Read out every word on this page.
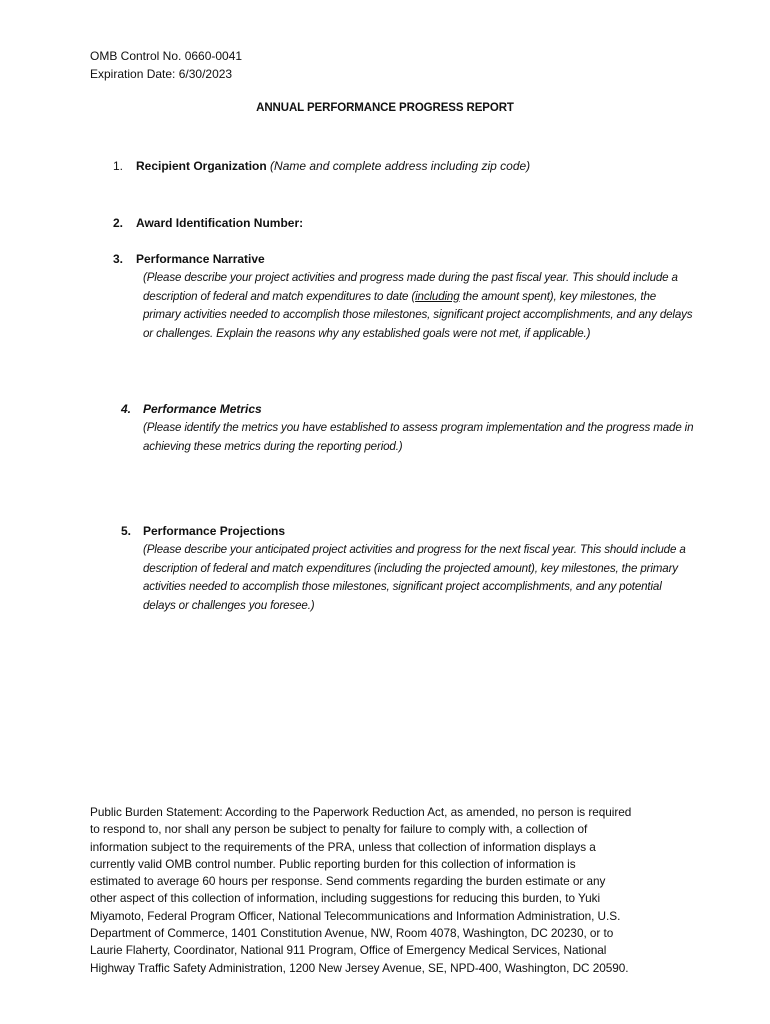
OMB Control No. 0660-0041

Expiration Date: 6/30/2023

ANNUAL PERFORMANCE PROGRESS REPORT
1. Recipient Organization (Name and complete address including zip code)
2. Award Identification Number:
3. Performance Narrative
(Please describe your project activities and progress made during the past fiscal year. This should include a
description of federal and match expenditures to date (including the amount spent), key milestones, the
primary activities needed to accomplish those milestones, significant project accomplishments, and any delays
or challenges. Explain the reasons why any established goals were not met, if applicable.)
4. Performance Metrics
(Please identify the metrics you have established to assess program implementation and the progress made in
achieving these metrics during the reporting period.)
5. Performance Projections
(Please describe your anticipated project activities and progress for the next fiscal year. This should include a
description of federal and match expenditures (including the projected amount), key milestones, the primary
activities needed to accomplish those milestones, significant project accomplishments, and any potential
delays or challenges you foresee.)
Public Burden Statement: According to the Paperwork Reduction Act, as amended, no person is required
to respond to, nor shall any person be subject to penalty for failure to comply with, a collection of
information subject to the requirements of the PRA, unless that collection of information displays a
currently valid OMB control number. Public reporting burden for this collection of information is
estimated to average 60 hours per response. Send comments regarding the burden estimate or any
other aspect of this collection of information, including suggestions for reducing this burden, to Yuki
Miyamoto, Federal Program Officer, National Telecommunications and Information Administration, U.S.
Department of Commerce, 1401 Constitution Avenue, NW, Room 4078, Washington, DC 20230, or to
Laurie Flaherty, Coordinator, National 911 Program, Office of Emergency Medical Services, National
Highway Traffic Safety Administration, 1200 New Jersey Avenue, SE, NPD-400, Washington, DC 20590.
